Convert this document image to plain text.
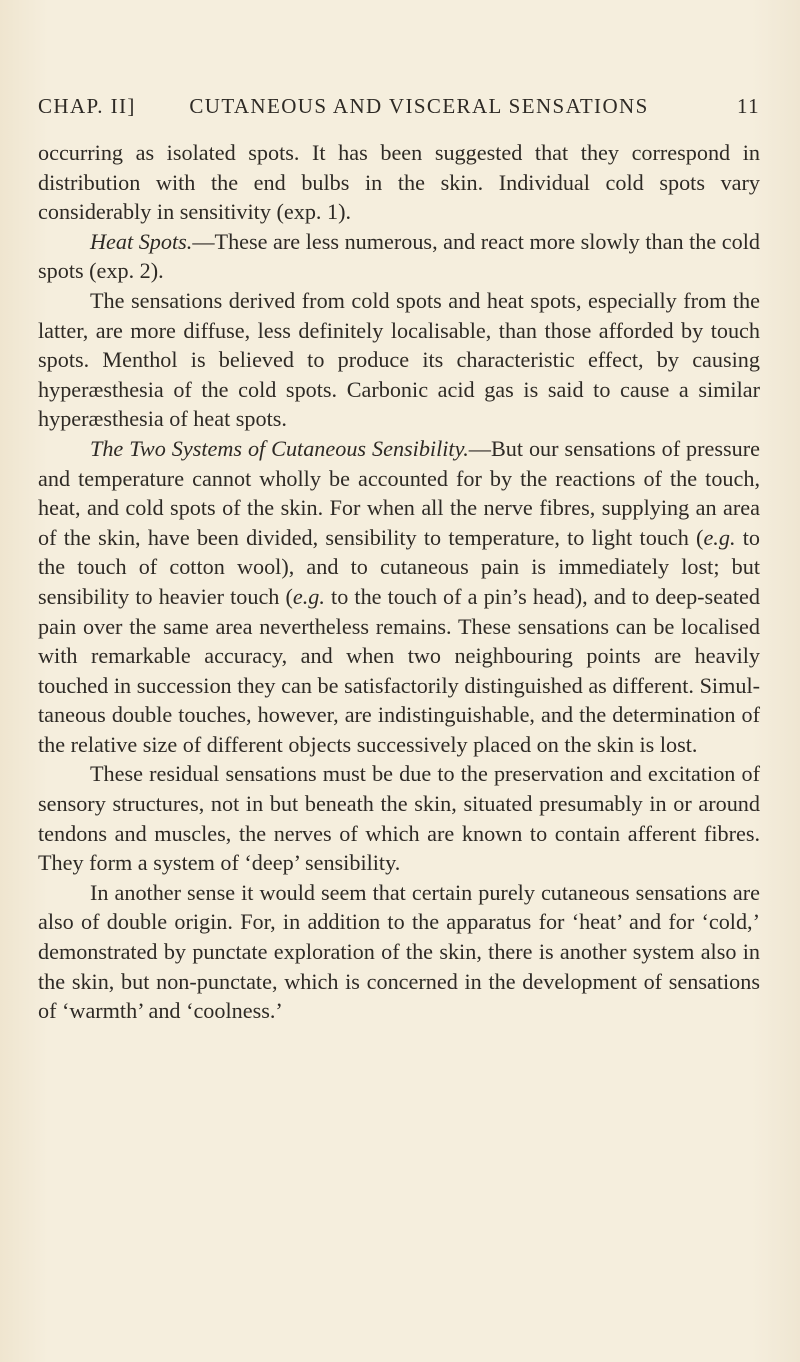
CUTANEOUS AND VISCERAL SENSATIONS
CHAP. II]	11

occurring as isolated spots. It has been suggested that they correspond in distribution with the end bulbs in the skin. Individual cold spots vary considerably in sensitivity (exp. 1).

Heat Spots.—These are less numerous, and react more slowly than the cold spots (exp. 2).

The sensations derived from cold spots and heat spots, especially from the latter, are more diffuse, less definitely localisable, than those afforded by touch spots. Menthol is believed to produce its characteristic effect, by causing hyperæsthesia of the cold spots. Carbonic acid gas is said to cause a similar hyperæsthesia of heat spots.

The Two Systems of Cutaneous Sensibility.—But our sensations of pressure and temperature cannot wholly be accounted for by the reactions of the touch, heat, and cold spots of the skin. For when all the nerve fibres, supplying an area of the skin, have been divided, sensibility to temperature, to light touch (e.g. to the touch of cotton wool), and to cutaneous pain is immediately lost; but sensibility to heavier touch (e.g. to the touch of a pin’s head), and to deep-seated pain over the same area nevertheless remains. These sensations can be localised with remarkable accuracy, and when two neighbouring points are heavily touched in succession they can be satisfactorily distinguished as different. Simultaneous double touches, however, are indistinguishable, and the determination of the relative size of different objects successively placed on the skin is lost.

These residual sensations must be due to the preservation and excitation of sensory structures, not in but beneath the skin, situated presumably in or around tendons and muscles, the nerves of which are known to contain afferent fibres. They form a system of ‘deep’ sensibility.

In another sense it would seem that certain purely cutaneous sensations are also of double origin. For, in addition to the apparatus for ‘heat’ and for ‘cold,’ demonstrated by punctate exploration of the skin, there is another system also in the skin, but non-punctate, which is concerned in the development of sensations of ‘warmth’ and ‘coolness.’
